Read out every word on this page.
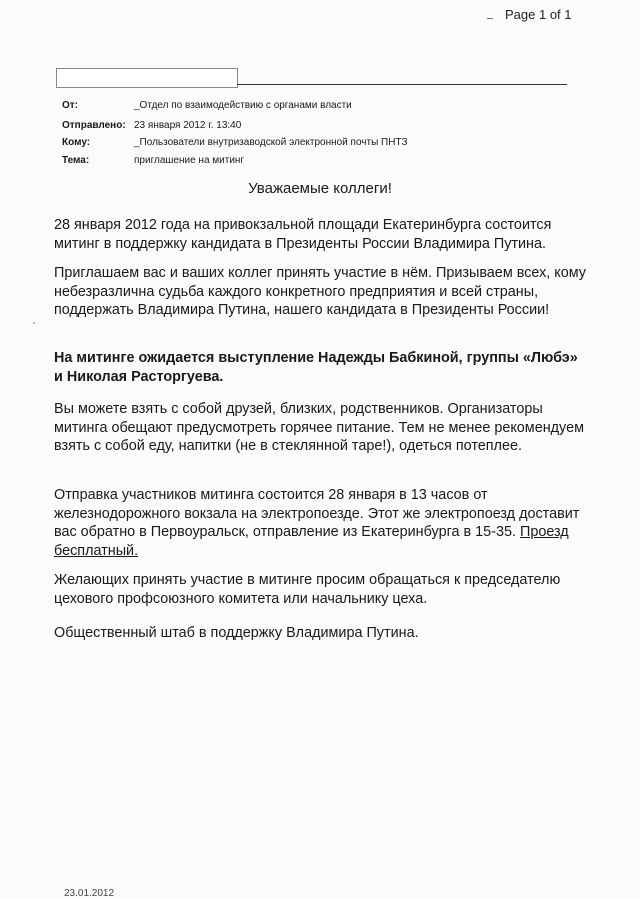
Page 1 of 1
От:	_Отдел по взаимодействию с органами власти
Отправлено: 23 января 2012 г. 13:40
Кому:	_Пользователи внутризаводской электронной почты ПНТЗ
Тема:	приглашение на митинг
Уважаемые коллеги!

28 января 2012 года на привокзальной площади Екатеринбурга состоится митинг в поддержку кандидата в Президенты России Владимира Путина.

Приглашаем вас и ваших коллег принять участие в нём. Призываем всех, кому небезразлична судьба каждого конкретного предприятия и всей страны, поддержать Владимира Путина, нашего кандидата в Президенты России!

На митинге ожидается выступление Надежды Бабкиной, группы «Любэ» и Николая Расторгуева.

Вы можете взять с собой друзей, близких, родственников. Организаторы митинга обещают предусмотреть горячее питание. Тем не менее рекомендуем взять с собой еду, напитки (не в стеклянной таре!), одеться потеплее.

Отправка участников митинга состоится 28 января в 13 часов от железнодорожного вокзала на электропоезде. Этот же электропоезд доставит вас обратно в Первоуральск, отправление из Екатеринбурга в 15-35. Проезд бесплатный.

Желающих принять участие в митинге просим обращаться к председателю цехового профсоюзного комитета или начальнику цеха.

Общественный штаб в поддержку Владимира Путина.

23.01.2012
